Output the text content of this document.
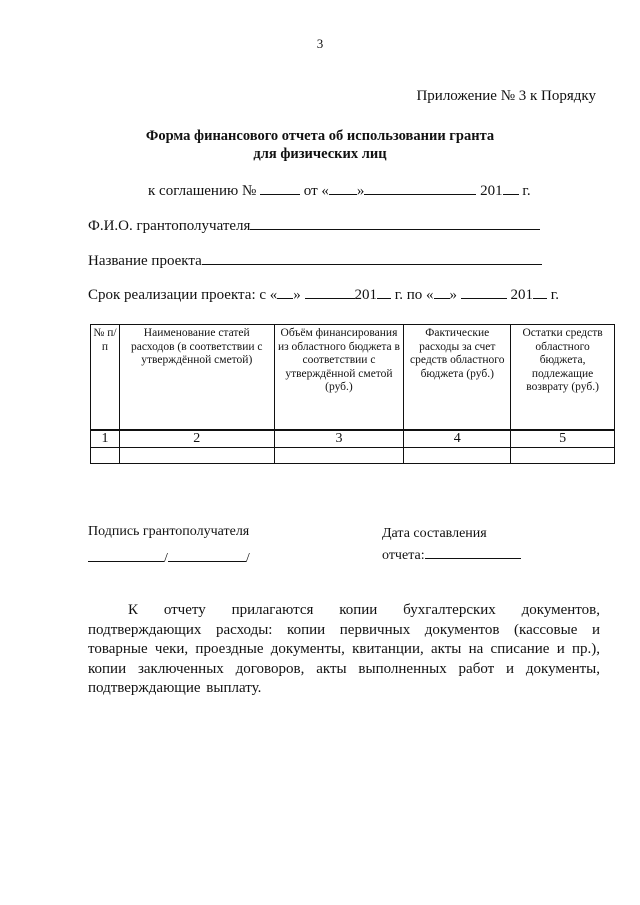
3
Приложение № 3 к Порядку
Форма финансового отчета об использовании гранта
для физических лиц
к соглашению №	от « »	201 г.
Ф.И.О. грантополучателя
Название проекта
Срок реализации проекта: с « »	201 г. по « »	201 г.
№ п/п	Наименование статей расходов (в соответствии с утверждённой сметой)	Объём финансирования из областного бюджета в соответствии с утверждённой сметой (руб.)	Фактические расходы за счет средств областного бюджета (руб.)	Остатки средств областного бюджета, подлежащие возврату (руб.)
1	2	3	4	5

Подпись грантополучателя
/	/
Дата составления
отчета:
К отчету прилагаются копии бухгалтерских документов, подтверждающих расходы: копии первичных документов (кассовые и товарные чеки, проездные документы, квитанции, акты на списание и пр.), копии заключенных договоров, акты выполненных работ и документы, подтверждающие выплату.
